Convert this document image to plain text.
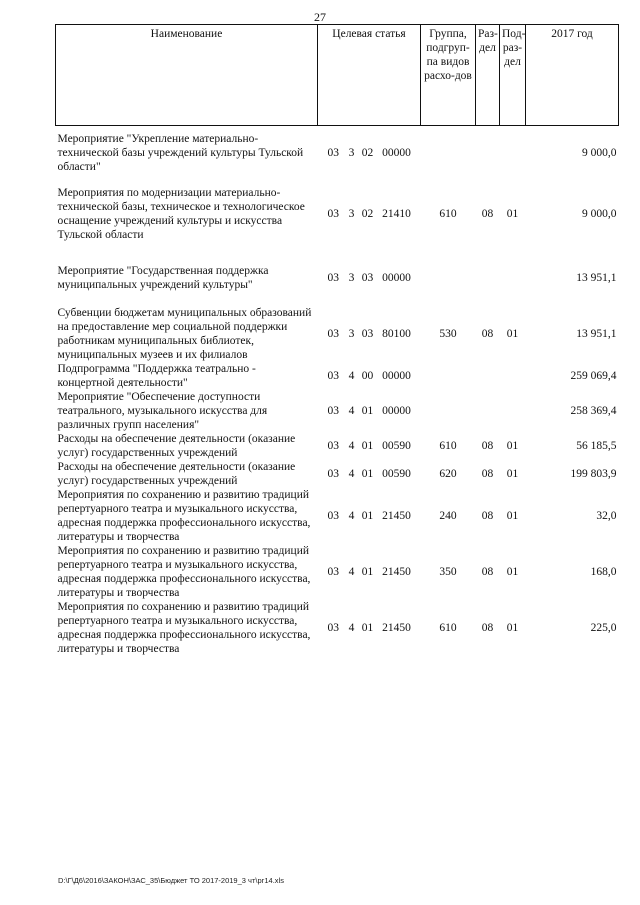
27
Наименование	Целевая статья	Группа, подгруп-па видов расхо-дов	Раз-дел	Под-раз-дел	2017 год

Мероприятие "Укрепление материально-технической базы учреждений культуры Тульской области"	03 3 02 00000				9 000,0

Мероприятия по модернизации материально-технической базы, техническое и технологическое оснащение учреждений культуры и искусства Тульской области	03 3 02 21410	610	08	01	9 000,0

Мероприятие "Государственная поддержка муниципальных учреждений культуры"	03 3 03 00000				13 951,1

Субвенции бюджетам муниципальных образований на предоставление мер социальной поддержки работникам муниципальных библиотек, муниципальных музеев и их филиалов	03 3 03 80100	530	08	01	13 951,1
Подпрограмма "Поддержка театрально - концертной деятельности"	03 4 00 00000				259 069,4
Мероприятие "Обеспечение доступности театрального, музыкального искусства для различных групп населения"	03 4 01 00000				258 369,4
Расходы на обеспечение деятельности (оказание услуг) государственных учреждений	03 4 01 00590	610	08	01	56 185,5
Расходы на обеспечение деятельности (оказание услуг) государственных учреждений	03 4 01 00590	620	08	01	199 803,9
Мероприятия по сохранению и развитию традиций репертуарного театра и музыкального искусства, адресная поддержка профессионального искусства, литературы и творчества	03 4 01 21450	240	08	01	32,0
Мероприятия по сохранению и развитию традиций репертуарного театра и музыкального искусства, адресная поддержка профессионального искусства, литературы и творчества	03 4 01 21450	350	08	01	168,0
Мероприятия по сохранению и развитию традиций репертуарного театра и музыкального искусства, адресная поддержка профессионального искусства, литературы и творчества	03 4 01 21450	610	08	01	225,0
D:\Г\Д6\2016\ЗАКОН\ЗАС_35\Бюджет ТО 2017-2019_3 чт\рг14.xls
